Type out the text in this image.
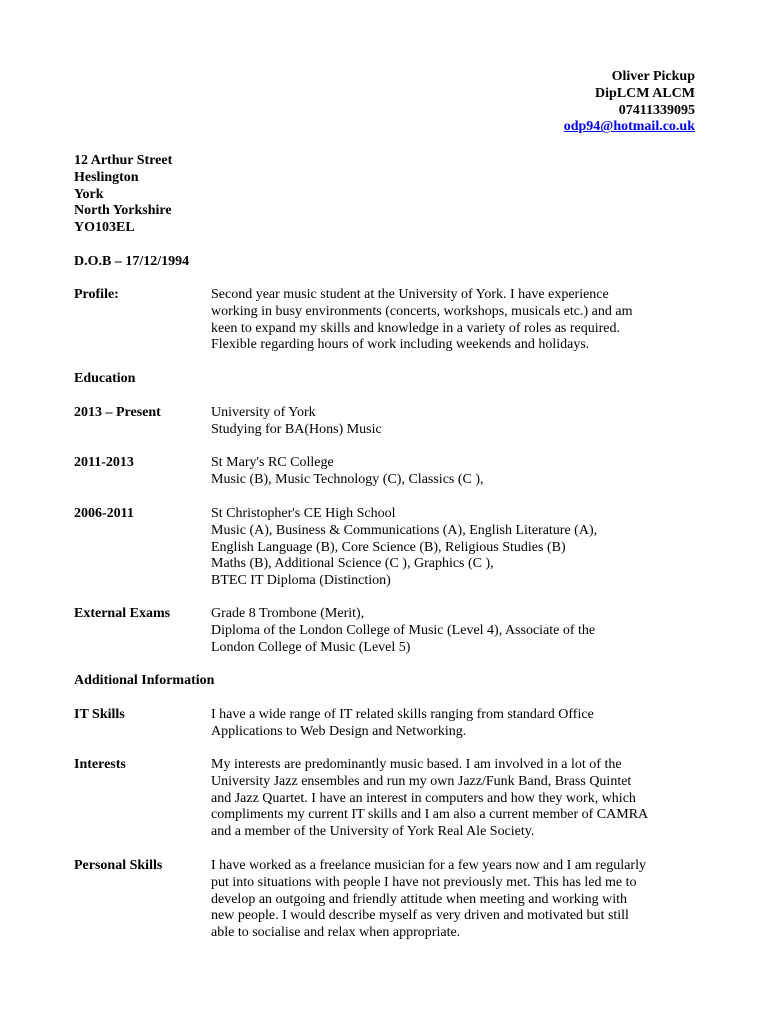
Oliver Pickup
DipLCM ALCM
07411339095
odp94@hotmail.co.uk
12 Arthur Street
Heslington
York
North Yorkshire
YO103EL
D.O.B – 17/12/1994
Profile:	Second year music student at the University of York. I have experience
working in busy environments (concerts, workshops, musicals etc.) and am
keen to expand my skills and knowledge in a variety of roles as required.
Flexible regarding hours of work including weekends and holidays.
Education
2013 – Present	University of York
Studying for BA(Hons) Music
2011-2013	St Mary's RC College
Music (B), Music Technology (C), Classics (C ),
2006-2011	St Christopher's CE High School
Music (A), Business & Communications (A), English Literature (A),
English Language (B), Core Science (B), Religious Studies (B)
Maths (B), Additional Science (C ), Graphics (C ),
BTEC IT Diploma (Distinction)
External Exams	Grade 8 Trombone (Merit),
Diploma of the London College of Music (Level 4), Associate of the
London College of Music (Level 5)
Additional Information
IT Skills	I have a wide range of IT related skills ranging from standard Office
Applications to Web Design and Networking.
Interests	My interests are predominantly music based. I am involved in a lot of the
University Jazz ensembles and run my own Jazz/Funk Band, Brass Quintet
and Jazz Quartet. I have an interest in computers and how they work, which
compliments my current IT skills and I am also a current member of CAMRA
and a member of the University of York Real Ale Society.
Personal Skills	I have worked as a freelance musician for a few years now and I am regularly
put into situations with people I have not previously met. This has led me to
develop an outgoing and friendly attitude when meeting and working with
new people. I would describe myself as very driven and motivated but still
able to socialise and relax when appropriate.
